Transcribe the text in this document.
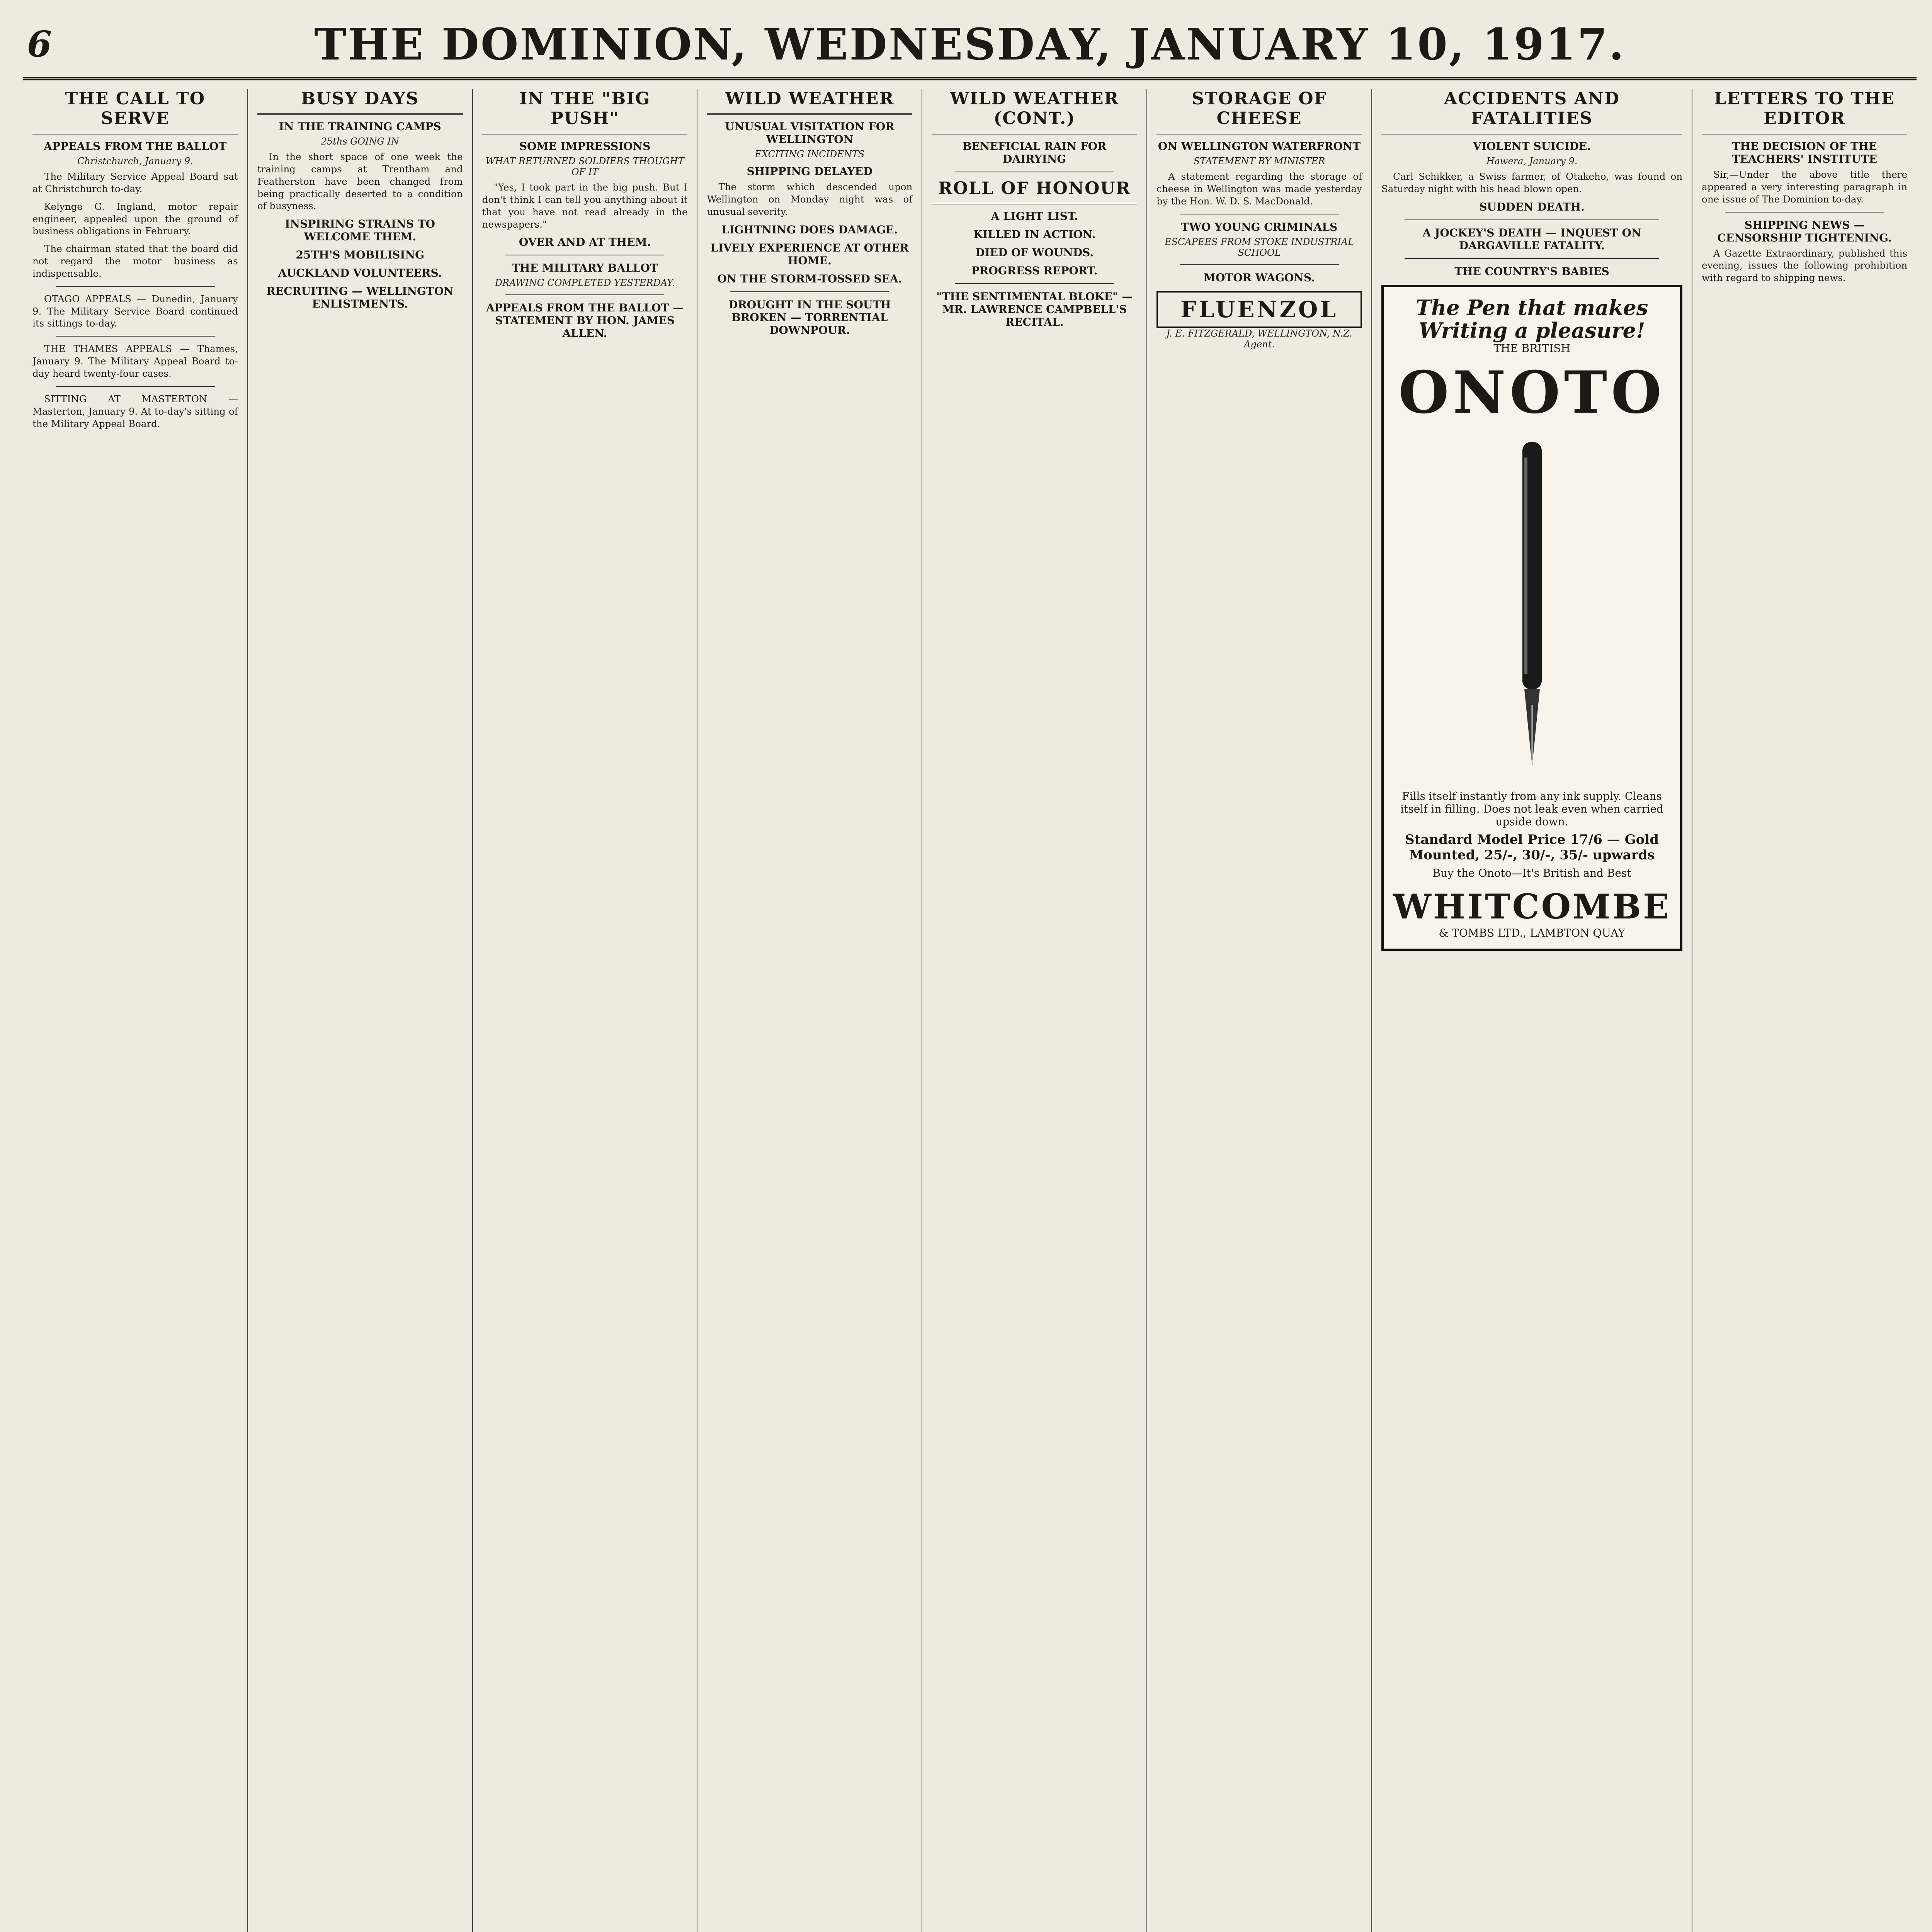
6	THE DOMINION, WEDNESDAY, JANUARY 10, 1917.
THE CALL TO SERVE
APPEALS FROM THE BALLOT
Christchurch, January 9.

The Military Service Appeal Board sat at Christchurch to-day.

Kelynge G. Ingland, motor repair engineer, appealed upon the ground of business obligations in February.

The chairman stated that the board did not regard the motor business as indispensable.

OTAGO APPEALS — Dunedin, January 9. The Military Service Board continued its sittings to-day.

THE THAMES APPEALS — Thames, January 9. The Military Appeal Board to-day heard twenty-four cases.

SITTING AT MASTERTON — Masterton, January 9. At to-day's sitting of the Military Appeal Board.

BUSY DAYS
IN THE TRAINING CAMPS
25ths GOING IN

In the short space of one week the training camps at Trentham and Featherston have been changed from being practically deserted to a condition of busyness.

INSPIRING STRAINS TO WELCOME THEM.
25TH'S MOBILISING
AUCKLAND VOLUNTEERS.
RECRUITING — WELLINGTON ENLISTMENTS.
IN THE "BIG PUSH"
SOME IMPRESSIONS
WHAT RETURNED SOLDIERS THOUGHT OF IT

"Yes, I took part in the big push. But I don't think I can tell you anything about it that you have not read already in the newspapers."

OVER AND AT THEM.
THE MILITARY BALLOT
DRAWING COMPLETED YESTERDAY.
APPEALS FROM THE BALLOT — STATEMENT BY HON. JAMES ALLEN.
WILD WEATHER
UNUSUAL VISITATION FOR WELLINGTON
EXCITING INCIDENTS
SHIPPING DELAYED

The storm which descended upon Wellington on Monday night was of unusual severity.

LIGHTNING DOES DAMAGE.
LIVELY EXPERIENCE AT OTHER HOME.
ON THE STORM-TOSSED SEA.
DROUGHT IN THE SOUTH BROKEN — TORRENTIAL DOWNPOUR.
WILD WEATHER (CONT.)
BENEFICIAL RAIN FOR DAIRYING
ROLL OF HONOUR
A LIGHT LIST.
KILLED IN ACTION.
DIED OF WOUNDS.
PROGRESS REPORT.
"THE SENTIMENTAL BLOKE" — MR. LAWRENCE CAMPBELL'S RECITAL.
STORAGE OF CHEESE
ON WELLINGTON WATERFRONT
STATEMENT BY MINISTER

A statement regarding the storage of cheese in Wellington was made yesterday by the Hon. W. D. S. MacDonald.

TWO YOUNG CRIMINALS
ESCAPEES FROM STOKE INDUSTRIAL SCHOOL
MOTOR WAGONS.
FLUENZOL
J. E. FITZGERALD, WELLINGTON, N.Z. Agent.
ACCIDENTS AND FATALITIES
VIOLENT SUICIDE.
Hawera, January 9.

Carl Schikker, a Swiss farmer, of Otakeho, was found on Saturday night with his head blown open.

SUDDEN DEATH.
A JOCKEY'S DEATH — INQUEST ON DARGAVILLE FATALITY.
THE COUNTRY'S BABIES
The Pen that makes Writing a pleasure!
THE BRITISH
ONOTO
Fills itself instantly from any ink supply. Cleans itself in filling. Does not leak even when carried upside down.
Standard Model Price 17/6 — Gold Mounted, 25/-, 30/-, 35/- upwards
Buy the Onoto—It's British and Best
WHITCOMBE
& TOMBS LTD., LAMBTON QUAY
LETTERS TO THE EDITOR
THE DECISION OF THE TEACHERS' INSTITUTE

Sir,—Under the above title there appeared a very interesting paragraph in one issue of The Dominion to-day.

SHIPPING NEWS — CENSORSHIP TIGHTENING.

A Gazette Extraordinary, published this evening, issues the following prohibition with regard to shipping news.
